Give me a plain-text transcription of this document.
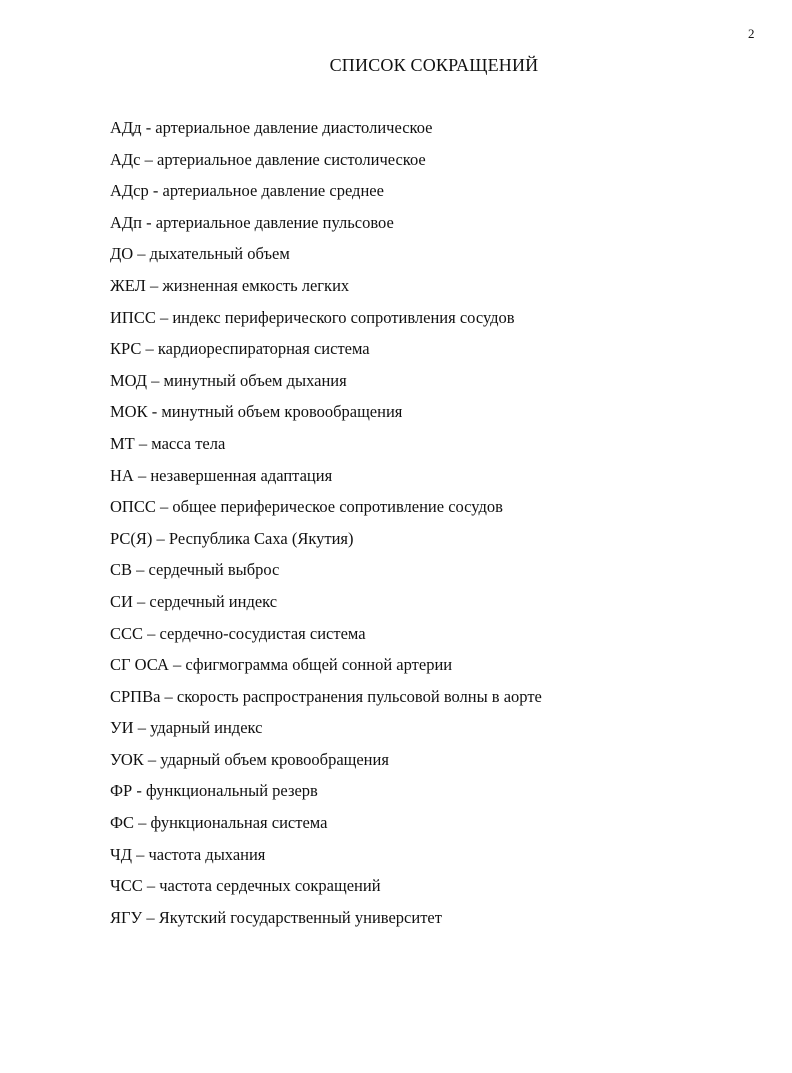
2
СПИСОК СОКРАЩЕНИЙ
АДд - артериальное давление диастолическое
АДс – артериальное давление систолическое
АДср - артериальное давление среднее
АДп - артериальное давление пульсовое
ДО – дыхательный объем
ЖЕЛ – жизненная емкость легких
ИПСС – индекс периферического сопротивления сосудов
КРС – кардиореспираторная система
МОД – минутный объем дыхания
МОК - минутный объем кровообращения
МТ – масса тела
НА – незавершенная адаптация
ОПСС – общее периферическое сопротивление сосудов
РС(Я) – Республика Саха (Якутия)
СВ – сердечный выброс
СИ – сердечный индекс
ССС – сердечно-сосудистая система
СГ ОСА – сфигмограмма общей сонной артерии
СРПВа – скорость распространения пульсовой волны в аорте
УИ – ударный индекс
УОК – ударный объем кровообращения
ФР - функциональный резерв
ФС – функциональная система
ЧД – частота дыхания
ЧСС – частота сердечных сокращений
ЯГУ – Якутский государственный университет
